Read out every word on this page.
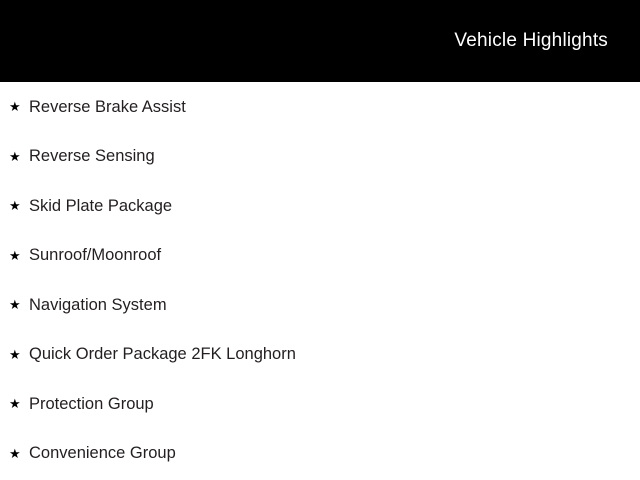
Vehicle Highlights
★ Reverse Brake Assist
★ Reverse Sensing
★ Skid Plate Package
★ Sunroof/Moonroof
★ Navigation System
★ Quick Order Package 2FK Longhorn
★ Protection Group
★ Convenience Group
